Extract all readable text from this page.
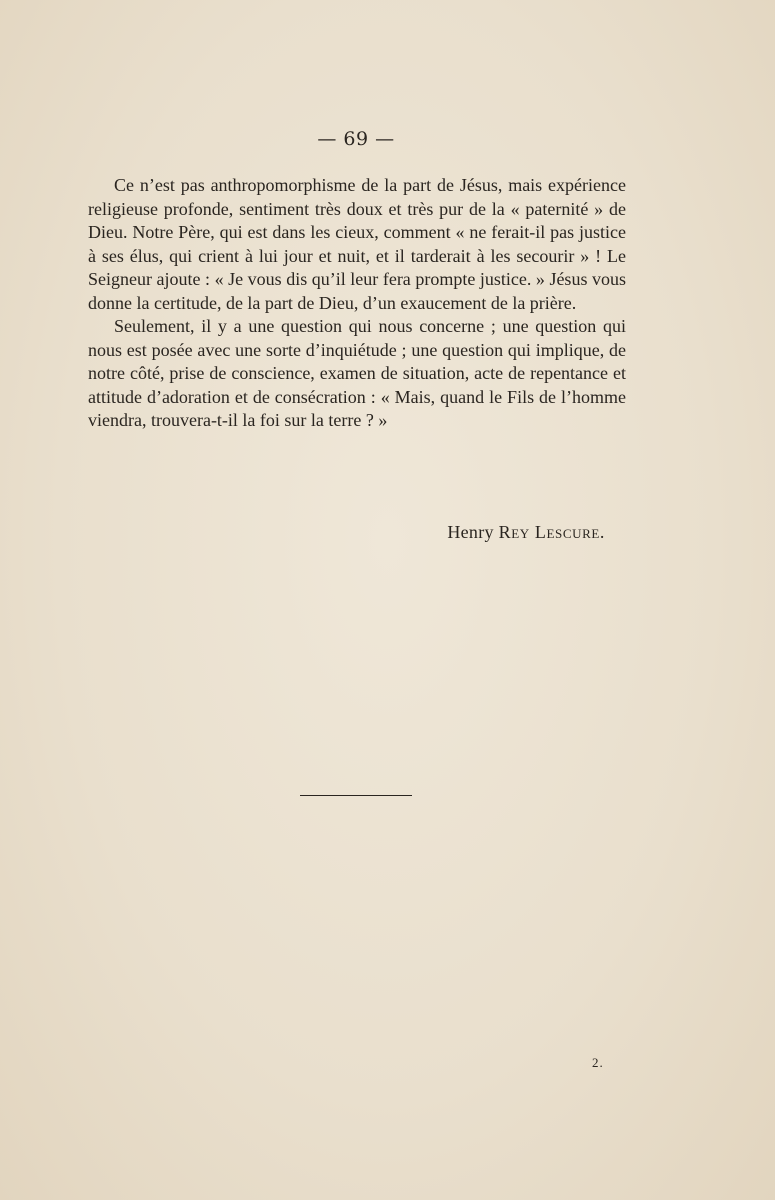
— 69 —

Ce n’est pas anthropomorphisme de la part de Jésus, mais expérience religieuse profonde, sentiment très doux et très pur de la « paternité » de Dieu. Notre Père, qui est dans les cieux, comment « ne ferait-il pas justice à ses élus, qui crient à lui jour et nuit, et il tarderait à les secourir » ! Le Seigneur ajoute : « Je vous dis qu’il leur fera prompte justice. » Jésus vous donne la certitude, de la part de Dieu, d’un exaucement de la prière.

Seulement, il y a une question qui nous concerne ; une question qui nous est posée avec une sorte d’inquiétude ; une question qui implique, de notre côté, prise de conscience, examen de situation, acte de repentance et attitude d’adoration et de consécration : « Mais, quand le Fils de l’homme viendra, trouvera-t-il la foi sur la terre ? »

Henry Rey Lescure.
2.
